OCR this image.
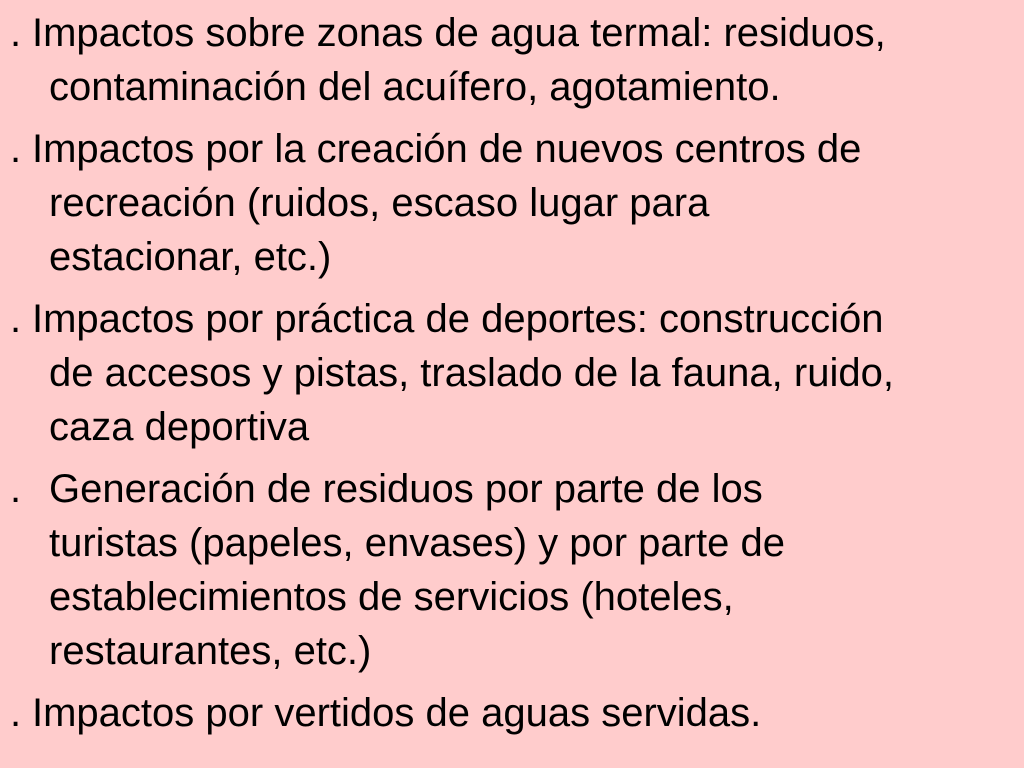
. Impactos sobre zonas de agua termal: residuos,
contaminación del acuífero, agotamiento.
. Impactos por la creación de nuevos centros de
recreación (ruidos, escaso lugar para
estacionar, etc.)
. Impactos por práctica de deportes: construcción
de accesos y pistas, traslado de la fauna, ruido,
caza deportiva
. Generación de residuos por parte de los
turistas (papeles, envases) y por parte de
establecimientos de servicios (hoteles,
restaurantes, etc.)
. Impactos por vertidos de aguas servidas.
